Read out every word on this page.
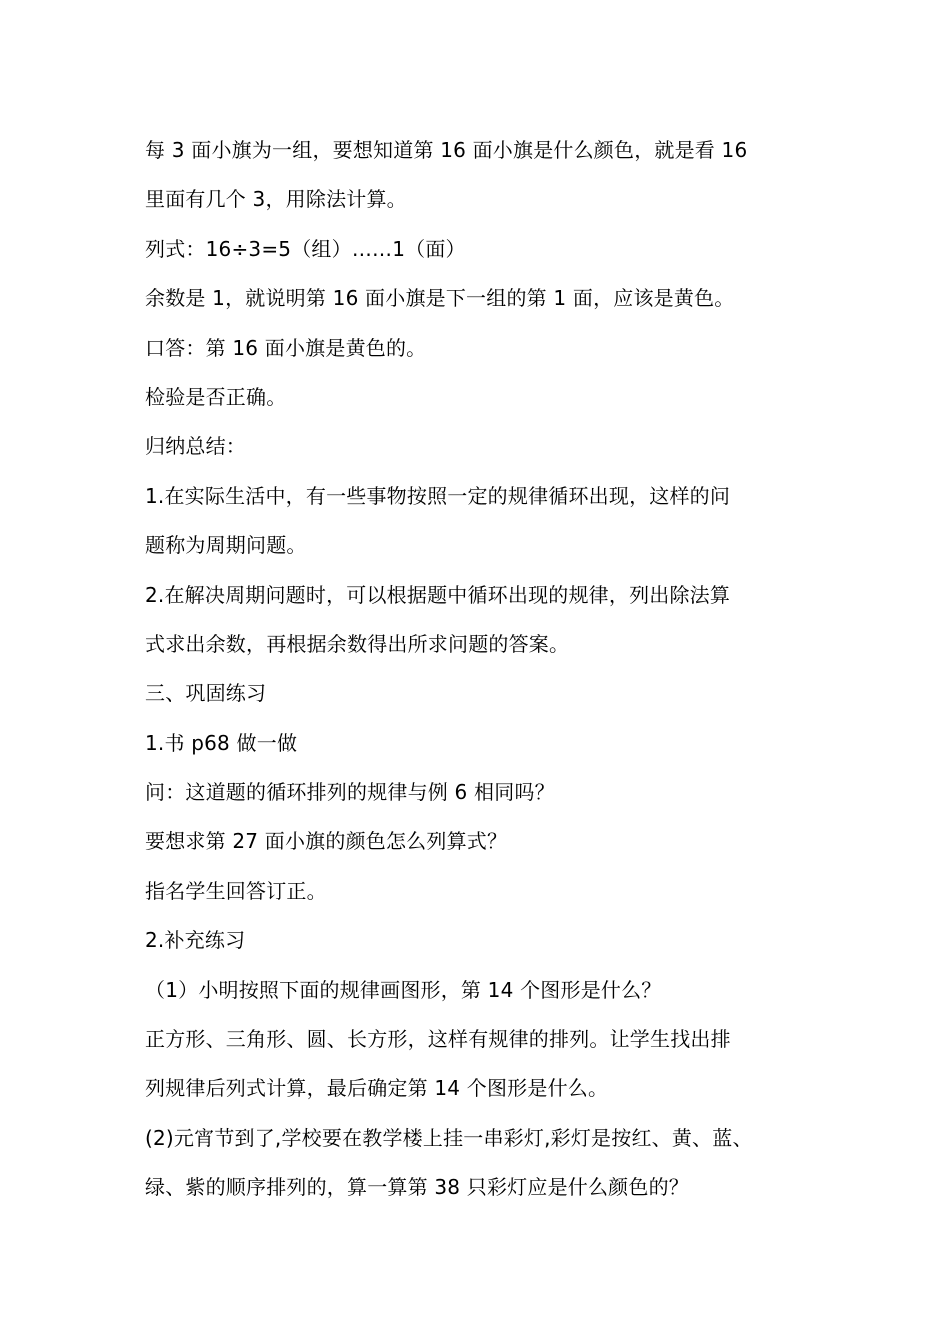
每 3 面小旗为一组，要想知道第 16 面小旗是什么颜色，就是看 16
里面有几个 3，用除法计算。
列式：16÷3=5（组）……1（面）
余数是 1，就说明第 16 面小旗是下一组的第 1 面，应该是黄色。
口答：第 16 面小旗是黄色的。
检验是否正确。
归纳总结：
1.在实际生活中，有一些事物按照一定的规律循环出现，这样的问
题称为周期问题。
2.在解决周期问题时，可以根据题中循环出现的规律，列出除法算
式求出余数，再根据余数得出所求问题的答案。
三、巩固练习
1.书 p68 做一做
问：这道题的循环排列的规律与例 6 相同吗？
要想求第 27 面小旗的颜色怎么列算式？
指名学生回答订正。
2.补充练习
（1）小明按照下面的规律画图形，第 14 个图形是什么？
正方形、三角形、圆、长方形，这样有规律的排列。让学生找出排
列规律后列式计算，最后确定第 14 个图形是什么。
(2)元宵节到了,学校要在教学楼上挂一串彩灯,彩灯是按红、黄、蓝、
绿、紫的顺序排列的，算一算第 38 只彩灯应是什么颜色的？
